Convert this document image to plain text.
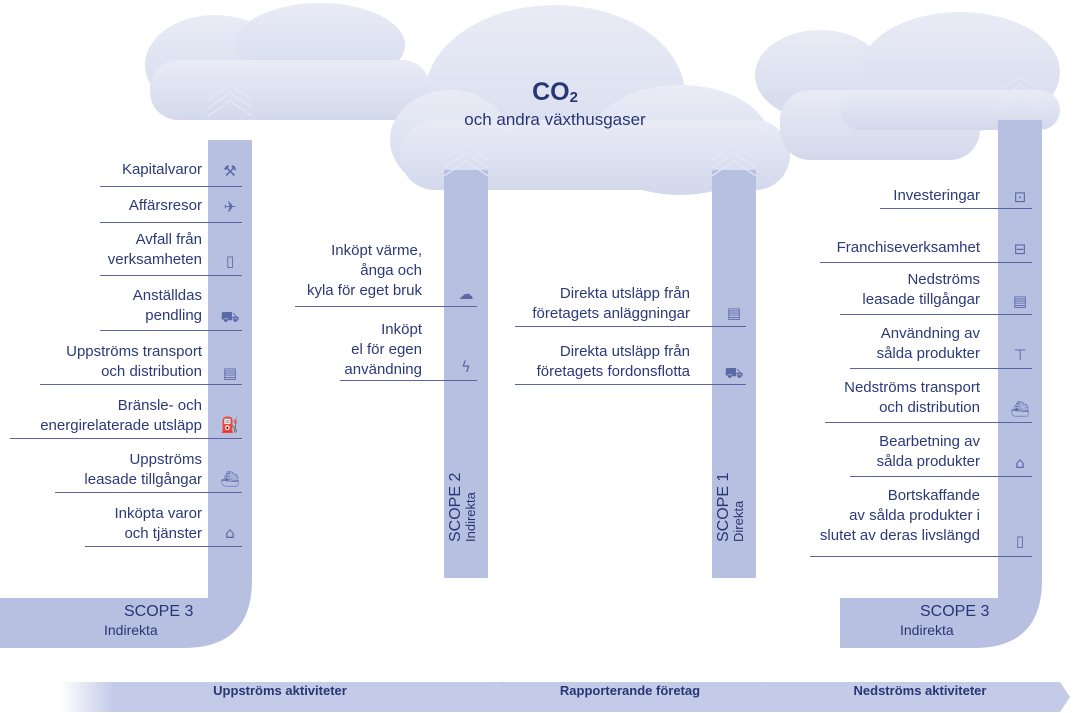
$CO_2$
och andra växthusgaser
Kapitalvaror ⚒
Affärsresor	✈
Avfall från
verksamheten	▯
Anställdas
pendling ⛟
Uppströms transport
och distribution ▤
Bränsle- och
energirelaterade utsläpp ⛽
Uppströms
leasade tillgångar ⛴
Inköpta varor
och tjänster	⌂
Inköpt värme,
ånga och
kyla för eget bruk ☁
Inköpt
el för egen
användning	ϟ
Direkta utsläpp från
företagets anläggningar ▤
Direkta utsläpp från
företagets fordonsflotta ⛟
Investeringar	⊡
Franchiseverksamhet	⊟
Nedströms
leasade tillgångar ▤
Användning av
sålda produkter ⊤
Nedströms transport
och distribution ⛴
Bearbetning av
sålda produkter	⌂
Bortskaffande
av sålda produkter i
slutet av deras livslängd	▯
SCOPE 3
Indirekta
SCOPE 3
Indirekta
SCOPE 2 Indirekta	SCOPE 1 Direkta
Uppströms aktiviteter	Rapporterande företag	Nedströms aktiviteter
